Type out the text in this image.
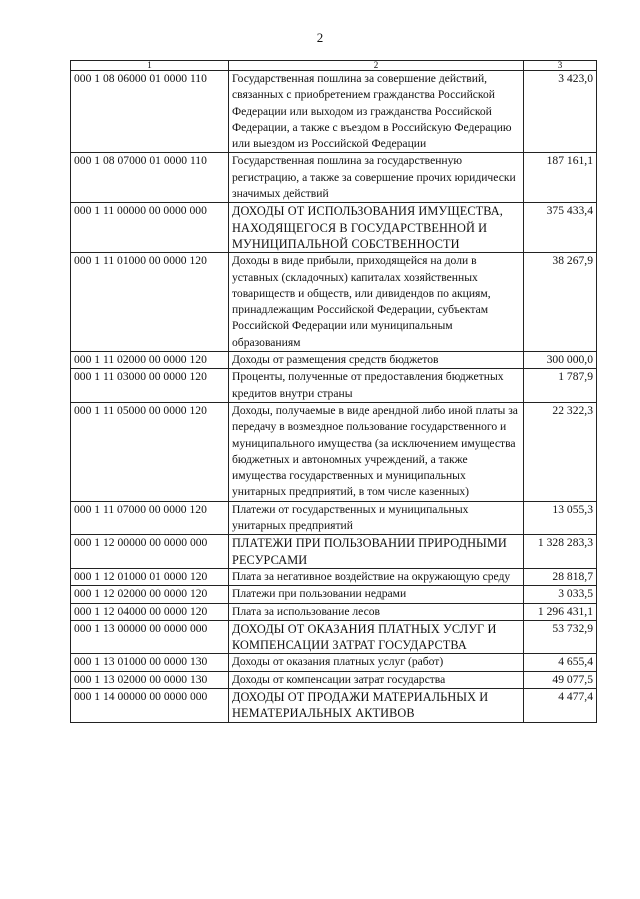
2
1	2	3
000 1 08 06000 01 0000 110	Государственная пошлина за совершение действий, связанных с приобретением гражданства Российской Федерации или выходом из гражданства Российской Федерации, а также с въездом в Российскую Федерацию или выездом из Российской Федерации	3 423,0
000 1 08 07000 01 0000 110	Государственная пошлина за государственную регистрацию, а также за совершение прочих юридически значимых действий	187 161,1
000 1 11 00000 00 0000 000	ДОХОДЫ ОТ ИСПОЛЬЗОВАНИЯ ИМУЩЕСТВА, НАХОДЯЩЕГОСЯ В ГОСУДАРСТВЕННОЙ И МУНИЦИПАЛЬНОЙ СОБСТВЕННОСТИ	375 433,4
000 1 11 01000 00 0000 120	Доходы в виде прибыли, приходящейся на доли в уставных (складочных) капиталах хозяйственных товариществ и обществ, или дивидендов по акциям, принадлежащим Российской Федерации, субъектам Российской Федерации или муниципальным образованиям	38 267,9
000 1 11 02000 00 0000 120	Доходы от размещения средств бюджетов	300 000,0
000 1 11 03000 00 0000 120	Проценты, полученные от предоставления бюджетных кредитов внутри страны	1 787,9
000 1 11 05000 00 0000 120	Доходы, получаемые в виде арендной либо иной платы за передачу в возмездное пользование государственного и муниципального имущества (за исключением имущества бюджетных и автономных учреждений, а также имущества государственных и муниципальных унитарных предприятий, в том числе казенных)	22 322,3
000 1 11 07000 00 0000 120	Платежи от государственных и муниципальных унитарных предприятий	13 055,3
000 1 12 00000 00 0000 000	ПЛАТЕЖИ ПРИ ПОЛЬЗОВАНИИ ПРИРОДНЫМИ РЕСУРСАМИ	1 328 283,3
000 1 12 01000 01 0000 120	Плата за негативное воздействие на окружающую среду	28 818,7
000 1 12 02000 00 0000 120	Платежи при пользовании недрами	3 033,5
000 1 12 04000 00 0000 120	Плата за использование лесов	1 296 431,1
000 1 13 00000 00 0000 000	ДОХОДЫ ОТ ОКАЗАНИЯ ПЛАТНЫХ УСЛУГ И КОМПЕНСАЦИИ ЗАТРАТ ГОСУДАРСТВА	53 732,9
000 1 13 01000 00 0000 130	Доходы от оказания платных услуг (работ)	4 655,4
000 1 13 02000 00 0000 130	Доходы от компенсации затрат государства	49 077,5
000 1 14 00000 00 0000 000	ДОХОДЫ ОТ ПРОДАЖИ МАТЕРИАЛЬНЫХ И НЕМАТЕРИАЛЬНЫХ АКТИВОВ	4 477,4
